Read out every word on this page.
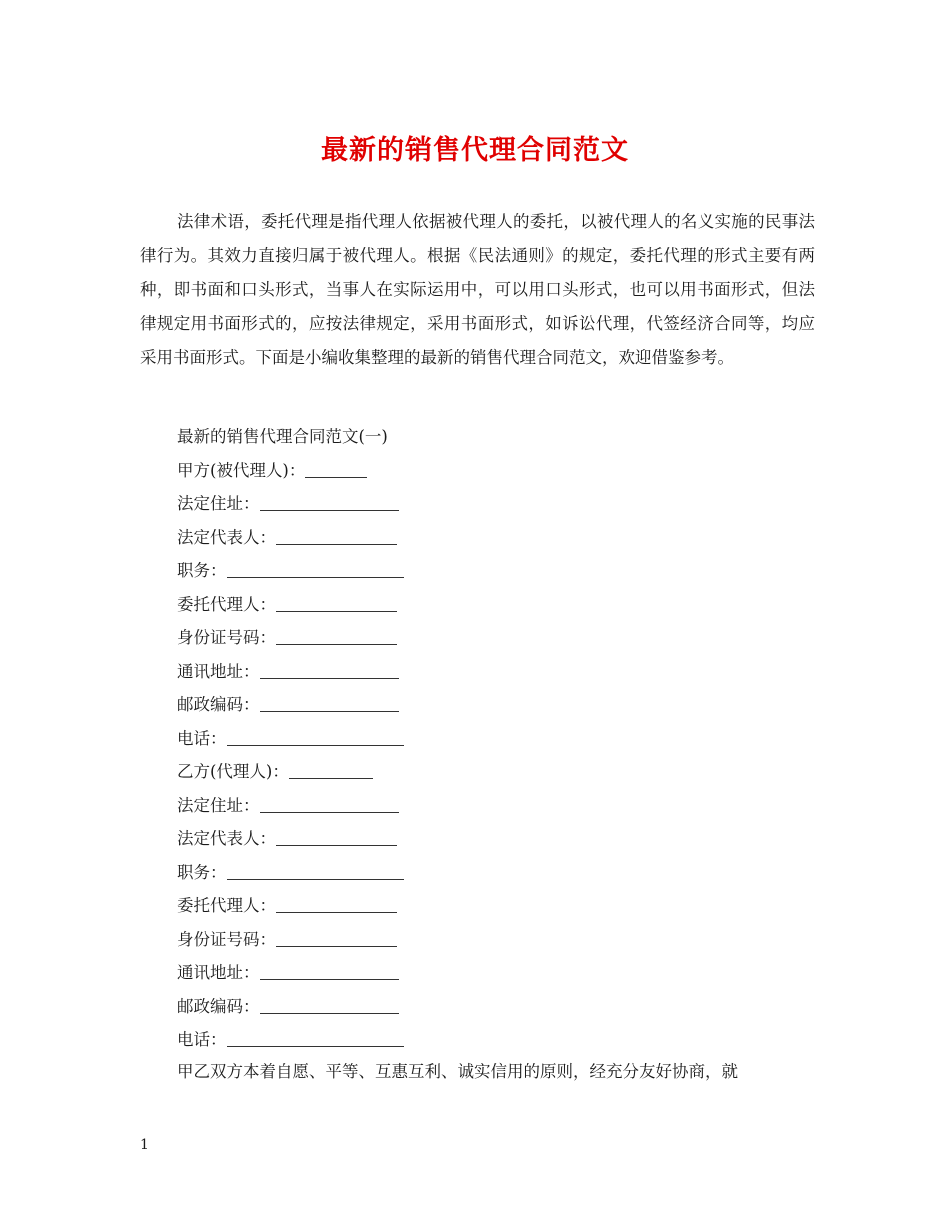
最新的销售代理合同范文

法律术语，委托代理是指代理人依据被代理人的委托，以被代理人的名义实施的民事法律行为。其效力直接归属于被代理人。根据《民法通则》的规定，委托代理的形式主要有两种，即书面和口头形式，当事人在实际运用中，可以用口头形式，也可以用书面形式，但法律规定用书面形式的，应按法律规定，采用书面形式，如诉讼代理，代签经济合同等，均应采用书面形式。下面是小编收集整理的最新的销售代理合同范文，欢迎借鉴参考。

最新的销售代理合同范文(一)
甲方(被代理人)：
法定住址：
法定代表人：
职务：
委托代理人：
身份证号码：
通讯地址：
邮政编码：
电话：
乙方(代理人)：
法定住址：
法定代表人：
职务：
委托代理人：
身份证号码：
通讯地址：
邮政编码：
电话：
甲乙双方本着自愿、平等、互惠互利、诚实信用的原则，经充分友好协商，就
1
